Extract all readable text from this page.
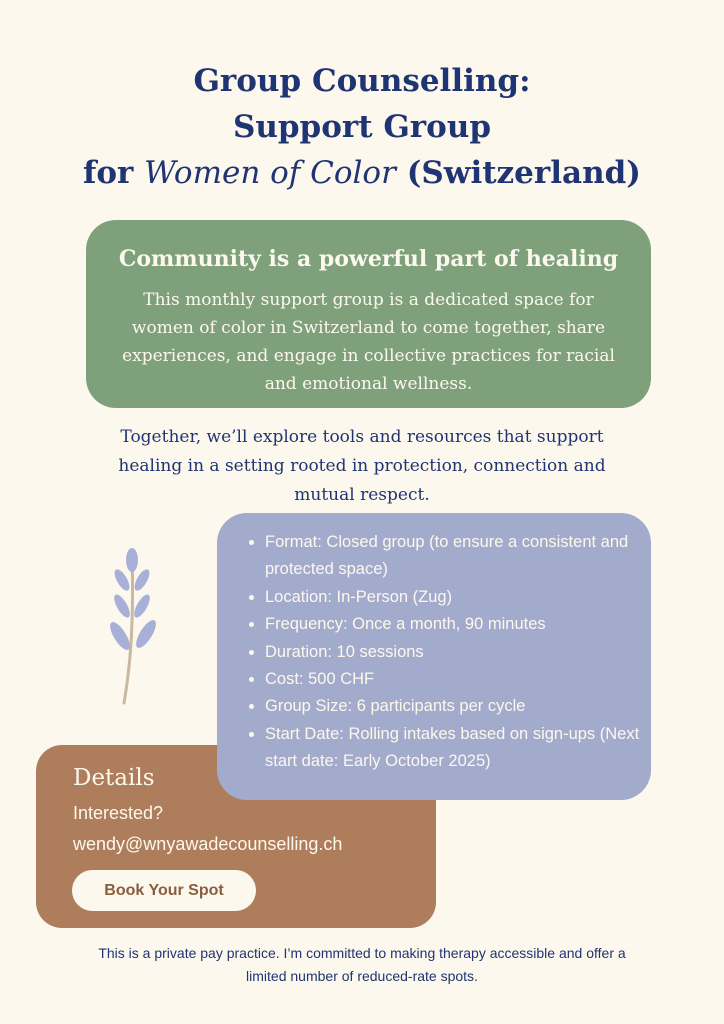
Group Counselling:
Support Group
for Women of Color (Switzerland)
Community is a powerful part of healing
This monthly support group is a dedicated space for women of color in Switzerland to come together, share experiences, and engage in collective practices for racial and emotional wellness.
Together, we’ll explore tools and resources that support healing in a setting rooted in protection, connection and mutual respect.
Details
Interested?
wendy@wnyawadecounselling.ch
Book Your Spot
• Format: Closed group (to ensure a consistent and protected space)
• Location: In-Person (Zug)
• Frequency: Once a month, 90 minutes
• Duration: 10 sessions
• Cost: 500 CHF
• Group Size: 6 participants per cycle
• Start Date: Rolling intakes based on sign-ups (Next start date: Early October 2025)
This is a private pay practice. I’m committed to making therapy accessible and offer a limited number of reduced-rate spots.
